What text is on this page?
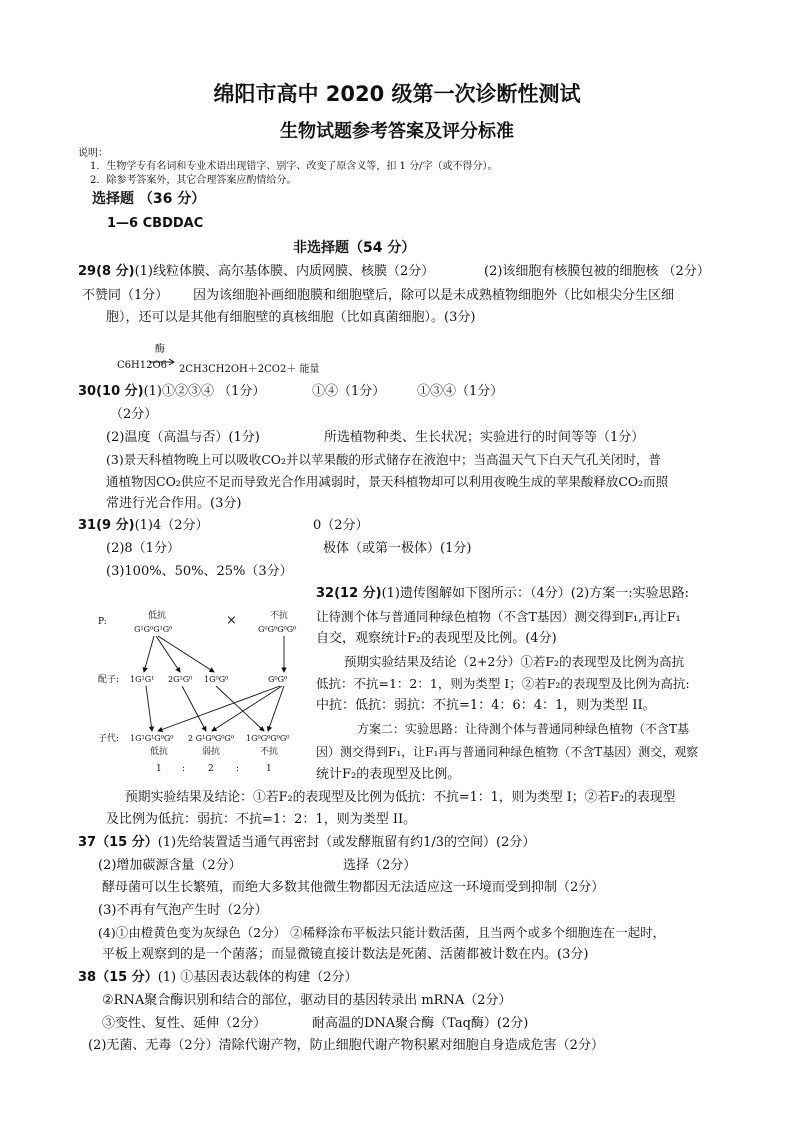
绵阳市高中 2020 级第一次诊断性测试
生物试题参考答案及评分标准
说明：
1．生物学专有名词和专业术语出现错字、别字、改变了原含义等，扣 1 分/字（或不得分）。
2．除参考答案外，其它合理答案应酌情给分。
选择题 （36 分）
1—6 CBDDAC
非选择题（54 分）
29(8 分)(1)线粒体膜、高尔基体膜、内质网膜、核膜（2分）	(2)该细胞有核膜包被的细胞核 （2分）
不赞同（1分） 因为该细胞补画细胞膜和细胞壁后，除可以是未成熟植物细胞外（比如根尖分生区细
胞），还可以是其他有细胞壁的真核细胞（比如真菌细胞）。(3分)
酶
C6H12O6 2CH3CH2OH＋2CO2＋ 能量
30(10 分)(1)①②③④ （1分）	①④（1分） ①③④（1分）
（2分）
(2)温度（高温与否）(1分)	所选植物种类、生长状况；实验进行的时间等等（1分）
(3)景天科植物晚上可以吸收CO₂并以苹果酸的形式储存在液泡中；当高温天气下白天气孔关闭时，普
通植物因CO₂供应不足而导致光合作用减弱时，景天科植物却可以利用夜晚生成的苹果酸释放CO₂而照
常进行光合作用。(3分)
31(9 分)(1)4（2分）	0（2分）
(2)8（1分）	极体（或第一极体）(1分)
(3)100%、50%、25%（3分）
32(12 分)(1)遗传图解如下图所示：（4分）(2)方案一:实验思路:
让待测个体与普通同种绿色植物（不含T基因）测交得到F₁,再让F₁
自交，观察统计F₂的表现型及比例。(4分)
预期实验结果及结论（2+2分）①若F₂的表现型及比例为高抗
低抗：不抗=1：2：1，则为类型 I；②若F₂的表现型及比例为高抗:
中抗：低抗：弱抗：不抗=1：4：6：4：1，则为类型 II。
方案二：实验思路：让待测个体与普通同种绿色植物（不含T基
因）测交得到F₁，让F₁再与普通同种绿色植物（不含T基因）测交，观察
统计F₂的表现型及比例。
P:
低抗
G¹G⁰G¹G⁰
×	不抗
G⁰G⁰G⁰G⁰
配子: 1G¹G¹ 2G¹G⁰ 1G⁰G⁰	G⁰G⁰
子代: 1G¹G¹G⁰G⁰ 2 G¹G⁰G⁰G⁰ 1G⁰G⁰G⁰G⁰
低抗	弱抗	不抗
1 :	2 :	1
预期实验结果及结论：①若F₂的表现型及比例为低抗：不抗=1：1，则为类型 I；②若F₂的表现型
及比例为低抗：弱抗：不抗=1：2：1，则为类型 II。
37（15 分）(1)先给装置适当通气再密封（或发酵瓶留有约1/3的空间）(2分）
(2)增加碳源含量（2分）	选择（2分）
酵母菌可以生长繁殖，而绝大多数其他微生物都因无法适应这一环境而受到抑制（2分）
(3)不再有气泡产生时（2分）
(4)①由橙黄色变为灰绿色（2分） ②稀释涂布平板法只能计数活菌，且当两个或多个细胞连在一起时，
平板上观察到的是一个菌落；而显微镜直接计数法是死菌、活菌都被计数在内。(3分)
38（15 分）(1) ①基因表达载体的构建（2分）
②RNA聚合酶识别和结合的部位，驱动目的基因转录出 mRNA（2分）
③变性、复性、延伸（2分）	耐高温的DNA聚合酶（Taq酶）(2分)
(2)无菌、无毒（2分）清除代谢产物，防止细胞代谢产物积累对细胞自身造成危害（2分）
